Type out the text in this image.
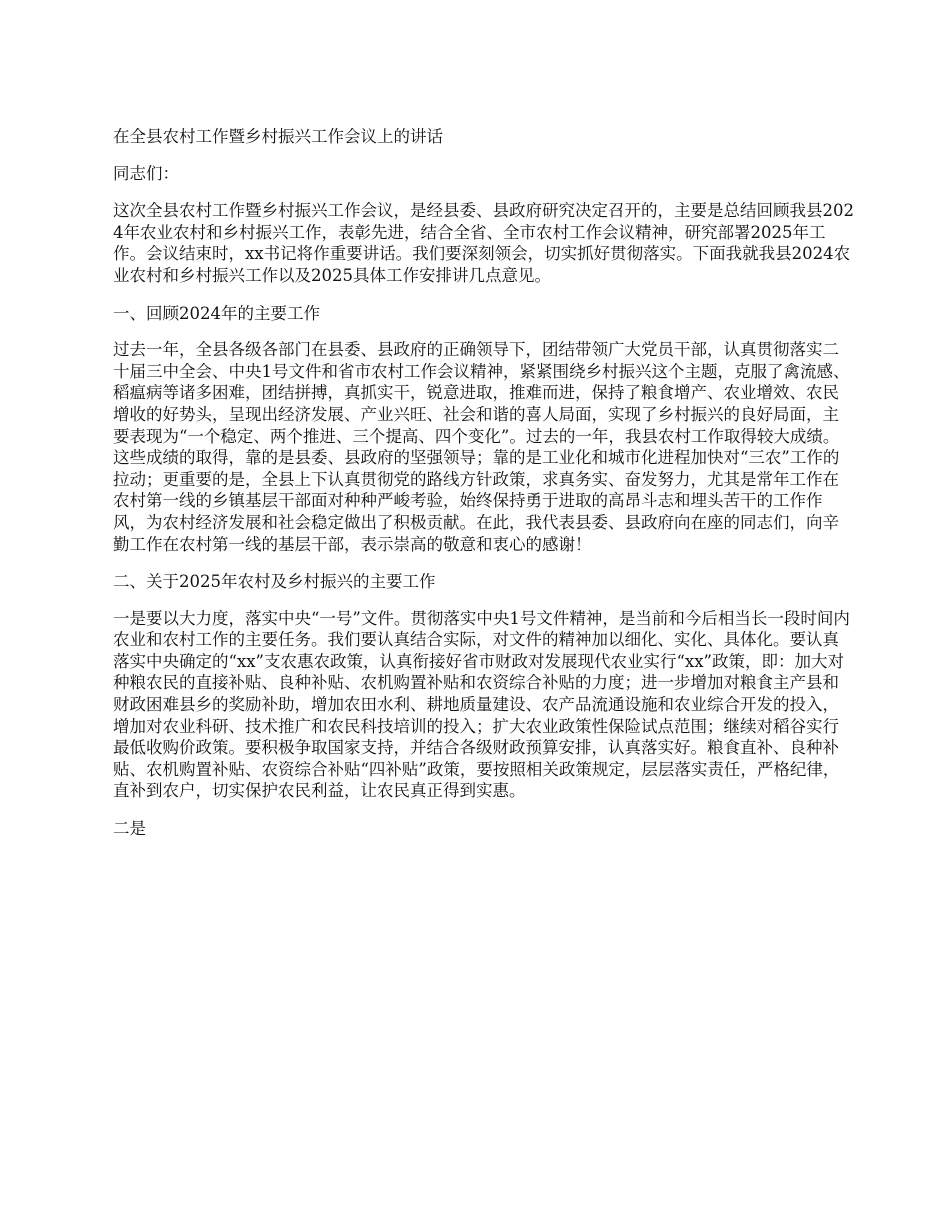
在全县农村工作暨乡村振兴工作会议上的讲话

同志们：

这次全县农村工作暨乡村振兴工作会议，是经县委、县政府研究决定召开的，主要是总结回顾我县2024年农业农村和乡村振兴工作，表彰先进，结合全省、全市农村工作会议精神，研究部署2025年工作。会议结束时，xx书记将作重要讲话。我们要深刻领会，切实抓好贯彻落实。下面我就我县2024农业农村和乡村振兴工作以及2025具体工作安排讲几点意见。

一、回顾2024年的主要工作

过去一年，全县各级各部门在县委、县政府的正确领导下，团结带领广大党员干部，认真贯彻落实二十届三中全会、中央1号文件和省市农村工作会议精神，紧紧围绕乡村振兴这个主题，克服了禽流感、稻瘟病等诸多困难，团结拼搏，真抓实干，锐意进取，推难而进，保持了粮食增产、农业增效、农民增收的好势头，呈现出经济发展、产业兴旺、社会和谐的喜人局面，实现了乡村振兴的良好局面，主要表现为“一个稳定、两个推进、三个提高、四个变化”。过去的一年，我县农村工作取得较大成绩。这些成绩的取得，靠的是县委、县政府的坚强领导；靠的是工业化和城市化进程加快对“三农”工作的拉动；更重要的是，全县上下认真贯彻党的路线方针政策，求真务实、奋发努力，尤其是常年工作在农村第一线的乡镇基层干部面对种种严峻考验，始终保持勇于进取的高昂斗志和埋头苦干的工作作风，为农村经济发展和社会稳定做出了积极贡献。在此，我代表县委、县政府向在座的同志们，向辛勤工作在农村第一线的基层干部，表示崇高的敬意和衷心的感谢！

二、关于2025年农村及乡村振兴的主要工作

一是要以大力度，落实中央“一号”文件。贯彻落实中央1号文件精神，是当前和今后相当长一段时间内农业和农村工作的主要任务。我们要认真结合实际，对文件的精神加以细化、实化、具体化。要认真落实中央确定的“xx”支农惠农政策，认真衔接好省市财政对发展现代农业实行“xx”政策，即：加大对种粮农民的直接补贴、良种补贴、农机购置补贴和农资综合补贴的力度；进一步增加对粮食主产县和财政困难县乡的奖励补助，增加农田水利、耕地质量建设、农产品流通设施和农业综合开发的投入，增加对农业科研、技术推广和农民科技培训的投入；扩大农业政策性保险试点范围；继续对稻谷实行最低收购价政策。要积极争取国家支持，并结合各级财政预算安排，认真落实好。粮食直补、良种补贴、农机购置补贴、农资综合补贴“四补贴”政策，要按照相关政策规定，层层落实责任，严格纪律，直补到农户，切实保护农民利益，让农民真正得到实惠。

二是
